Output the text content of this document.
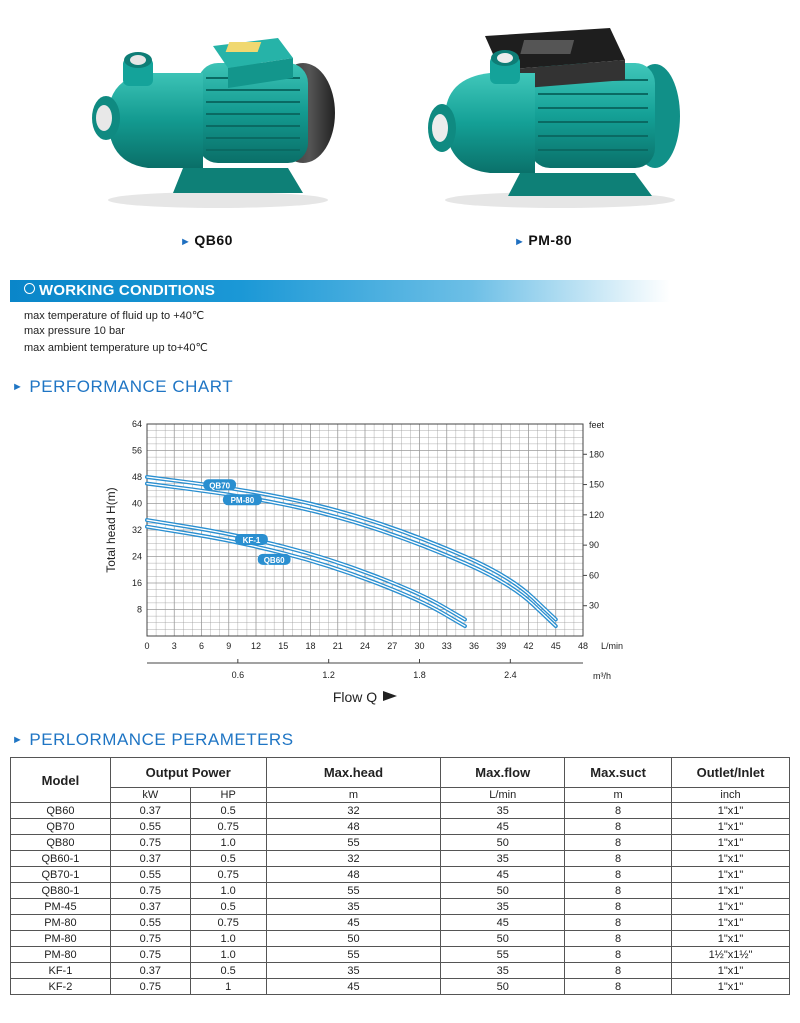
► QB60	► PM-80
WORKING CONDITIONS
max temperature of fluid up to +40℃
max pressure 10 bar
max ambient temperature up to+40℃
► PERFORMANCE CHART
0 3 6 9 12 15 18 21 24 27 30 33 36 39 42 45 48 L/min
8
16
24
32
40
48
56
64
0.6	1.2	1.8	2.4	m³/h
feet
30
60
90
120
150
180
Total head H(m)
Flow Q
QB70
PM-80
KF-1
QB60
► PERLORMANCE PERAMETERS
Model	Output Power		Max.head	Max.flow	Max.suct	Outlet/Inlet
	kW	HP	m	L/min	m	inch
QB60	0.37	0.5	32	35	8	1"x1"
QB70	0.55	0.75	48	45	8	1"x1"
QB80	0.75	1.0	55	50	8	1"x1"
QB60-1	0.37	0.5	32	35	8	1"x1"
QB70-1	0.55	0.75	48	45	8	1"x1"
QB80-1	0.75	1.0	55	50	8	1"x1"
PM-45	0.37	0.5	35	35	8	1"x1"
PM-80	0.55	0.75	45	45	8	1"x1"
PM-80	0.75	1.0	50	50	8	1"x1"
PM-80	0.75	1.0	55	55	8	1½"x1½"
KF-1	0.37	0.5	35	35	8	1"x1"
KF-2	0.75	1	45	50	8	1"x1"
